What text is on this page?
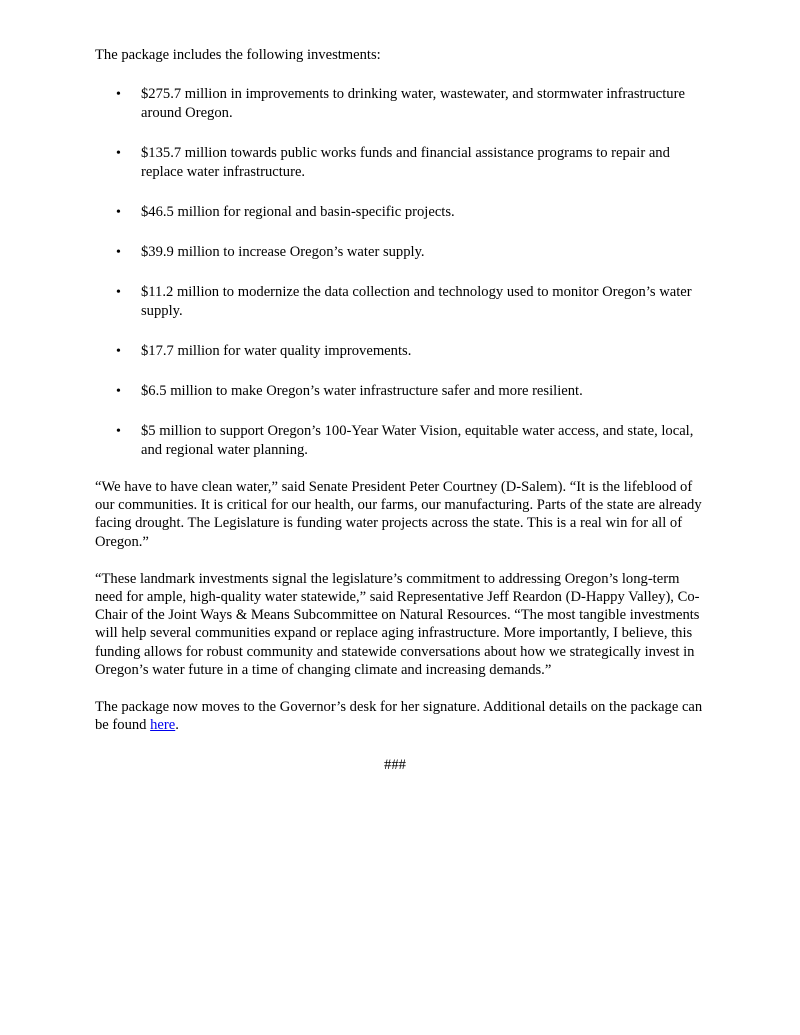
The package includes the following investments:

• $275.7 million in improvements to drinking water, wastewater, and stormwater infrastructure around Oregon.
• $135.7 million towards public works funds and financial assistance programs to repair and replace water infrastructure.
• $46.5 million for regional and basin-specific projects.
• $39.9 million to increase Oregon’s water supply.
• $11.2 million to modernize the data collection and technology used to monitor Oregon’s water supply.
• $17.7 million for water quality improvements.
• $6.5 million to make Oregon’s water infrastructure safer and more resilient.
• $5 million to support Oregon’s 100-Year Water Vision, equitable water access, and state, local, and regional water planning.

“We have to have clean water,” said Senate President Peter Courtney (D-Salem). “It is the lifeblood of our communities. It is critical for our health, our farms, our manufacturing. Parts of the state are already facing drought. The Legislature is funding water projects across the state. This is a real win for all of Oregon.”

“These landmark investments signal the legislature’s commitment to addressing Oregon’s long-term need for ample, high-quality water statewide,” said Representative Jeff Reardon (D-Happy Valley), Co-Chair of the Joint Ways & Means Subcommittee on Natural Resources. “The most tangible investments will help several communities expand or replace aging infrastructure. More importantly, I believe, this funding allows for robust community and statewide conversations about how we strategically invest in Oregon’s water future in a time of changing climate and increasing demands.”

The package now moves to the Governor’s desk for her signature. Additional details on the package can be found here.

###
